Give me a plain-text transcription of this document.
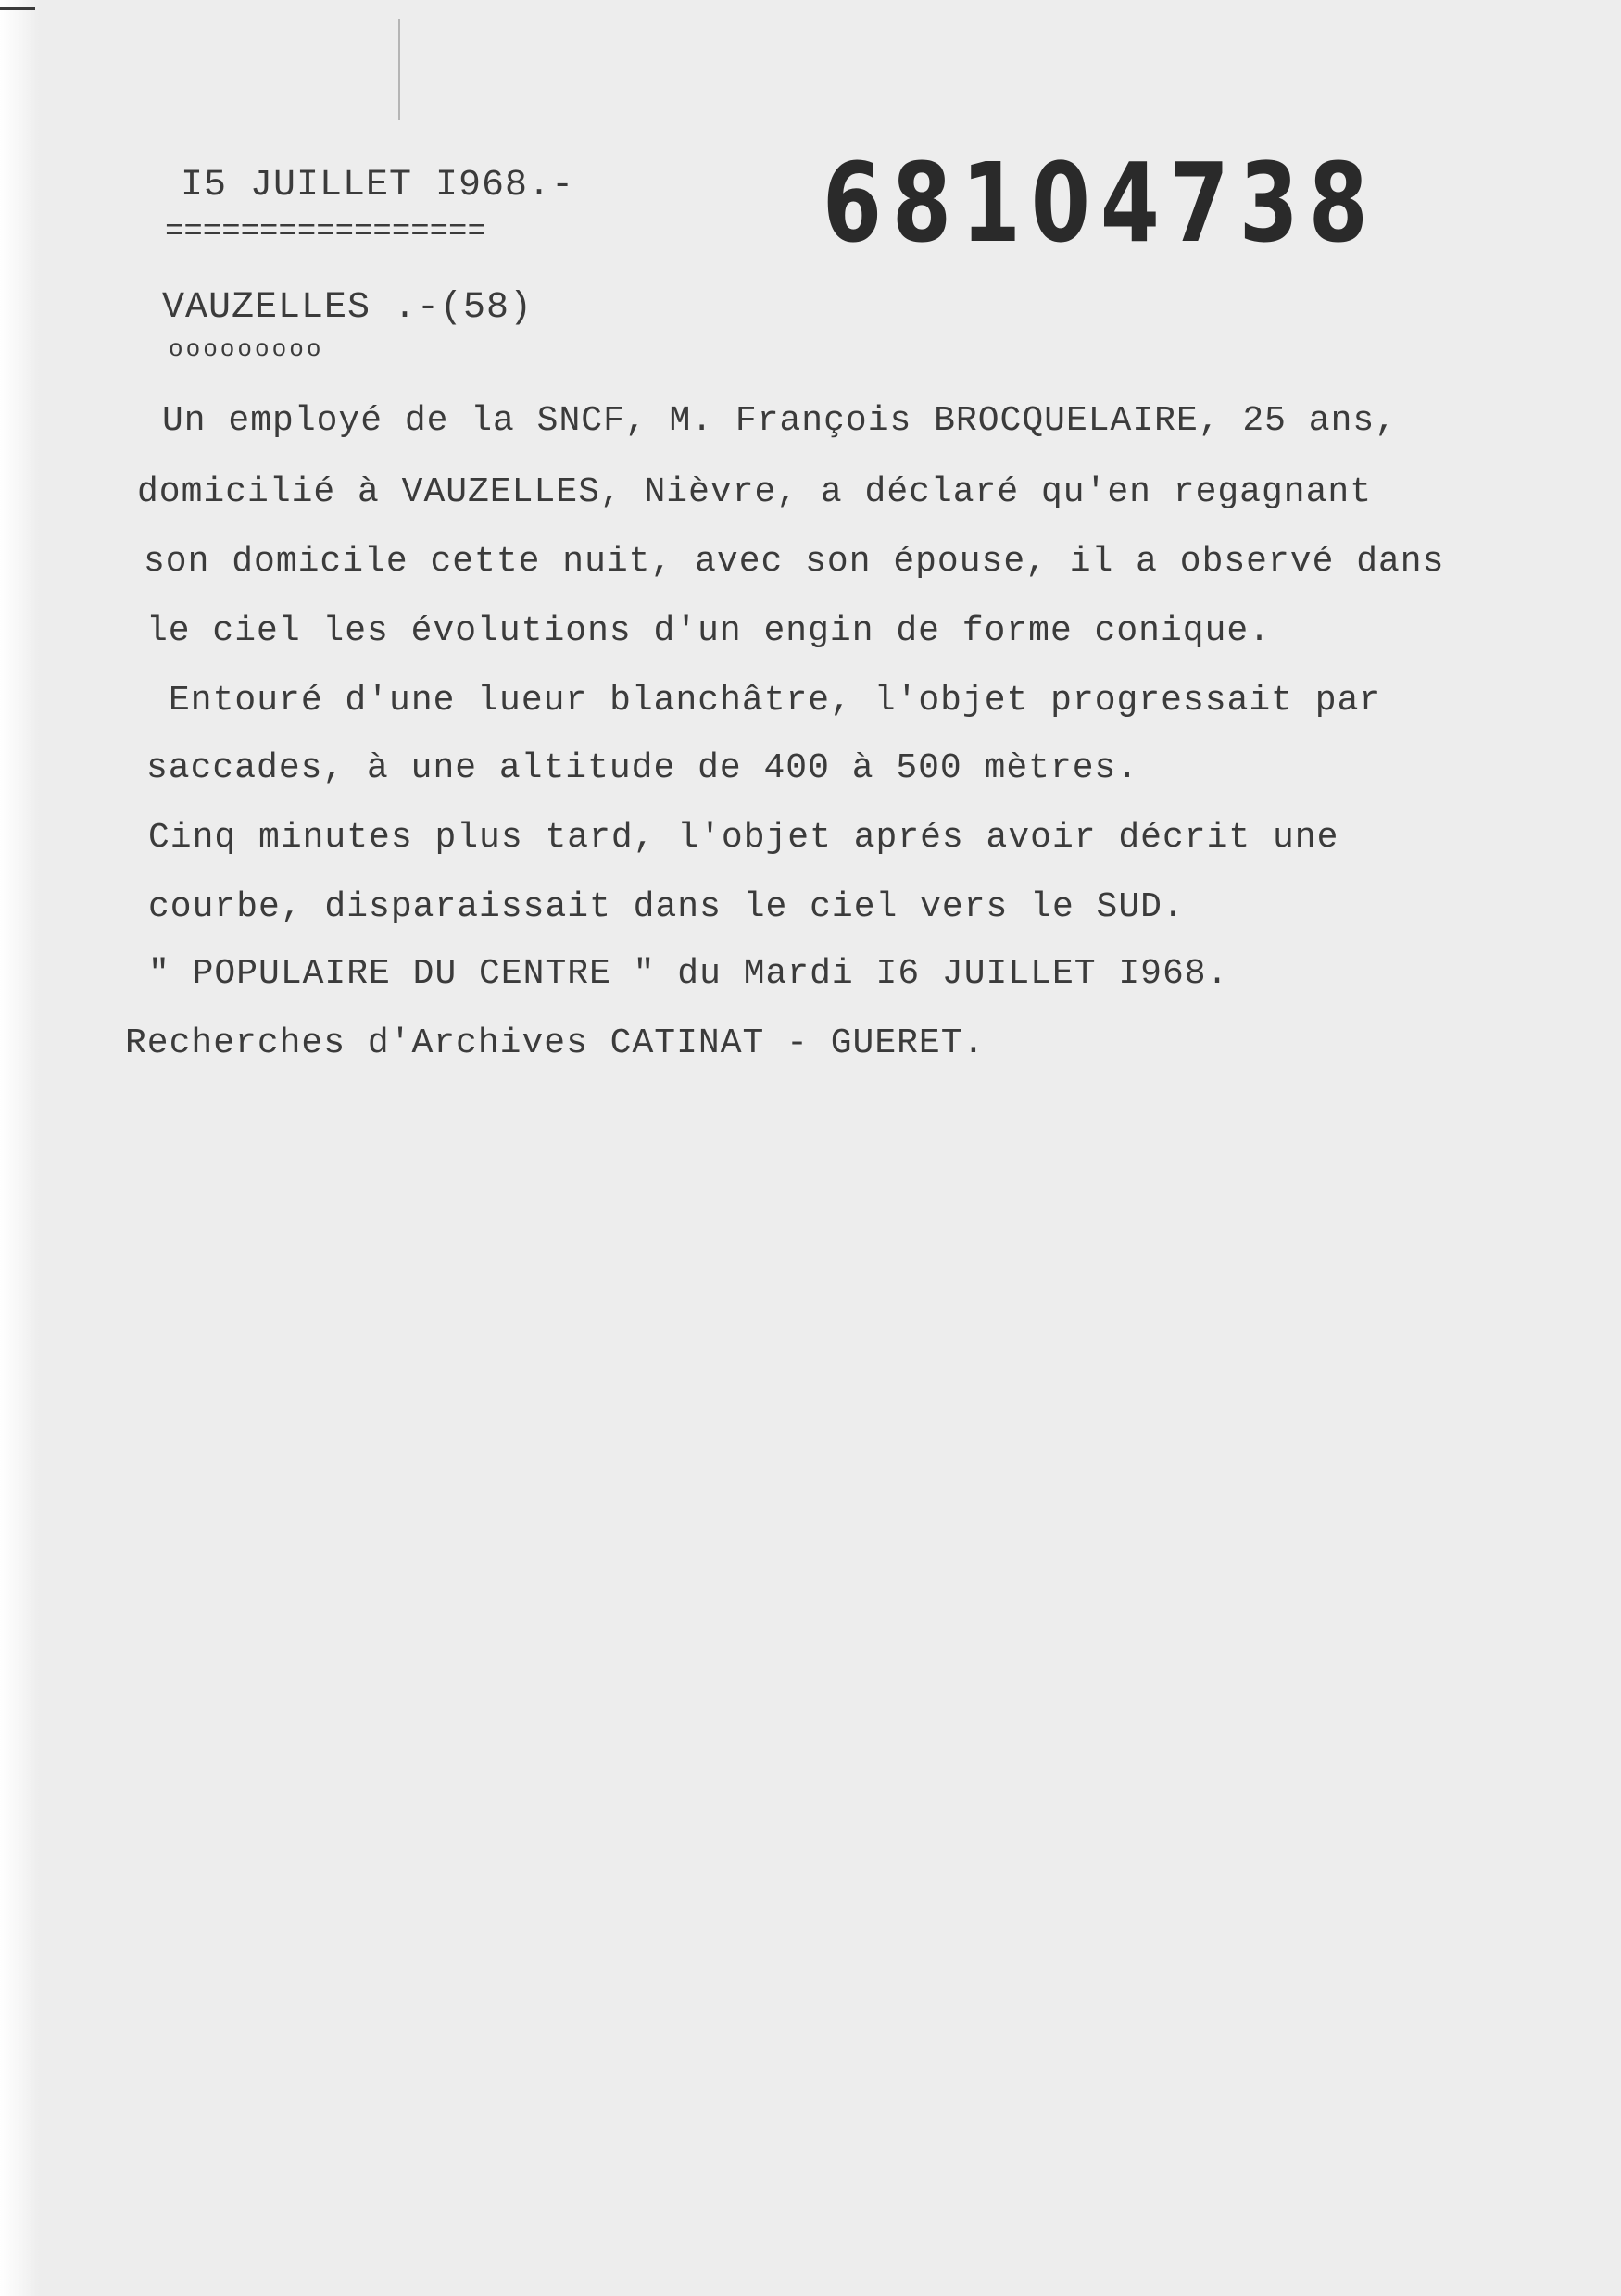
I5 JUILLET I968.-
=================	68104738
VAUZELLES .-(58)
ooooooooo
Un employé de la SNCF, M. François BROCQUELAIRE, 25 ans,
domicilié à VAUZELLES, Nièvre, a déclaré qu'en regagnant
son domicile cette nuit, avec son épouse, il a observé dans
le ciel les évolutions d'un engin de forme conique.
Entouré d'une lueur blanchâtre, l'objet progressait par
saccades, à une altitude de 400 à 500 mètres.
Cinq minutes plus tard, l'objet aprés avoir décrit une
courbe, disparaissait dans le ciel vers le SUD.
" POPULAIRE DU CENTRE " du Mardi I6 JUILLET I968.
Recherches d'Archives CATINAT - GUERET.
